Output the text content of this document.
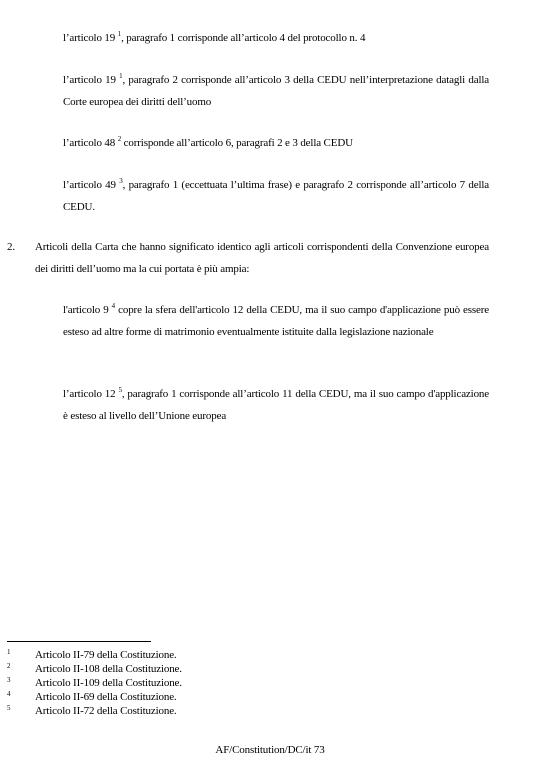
l’articolo 19 $^1$, paragrafo 1 corrisponde all’articolo 4 del protocollo n. 4

l’articolo 19 $^1$, paragrafo 2 corrisponde all’articolo 3 della CEDU nell’interpretazione datagli dalla Corte europea dei diritti dell’uomo

l’articolo 48 $^2$ corrisponde all’articolo 6, paragrafi 2 e 3 della CEDU

l’articolo 49 $^3$, paragrafo 1 (eccettuata l’ultima frase) e paragrafo 2 corrisponde all’articolo 7 della CEDU.

2. Articoli della Carta che hanno significato identico agli articoli corrispondenti della Convenzione europea dei diritti dell’uomo ma la cui portata è più ampia:

l'articolo 9 $^4$ copre la sfera dell'articolo 12 della CEDU, ma il suo campo d'applicazione può essere esteso ad altre forme di matrimonio eventualmente istituite dalla legislazione nazionale

l’articolo 12 $^5$, paragrafo 1 corrisponde all’articolo 11 della CEDU, ma il suo campo d'applicazione è esteso al livello dell’Unione europea

1 Articolo II-79 della Costituzione.
2 Articolo II-108 della Costituzione.
3 Articolo II-109 della Costituzione.
4 Articolo II-69 della Costituzione.
5 Articolo II-72 della Costituzione.
AF/Constitution/DC/it 73
